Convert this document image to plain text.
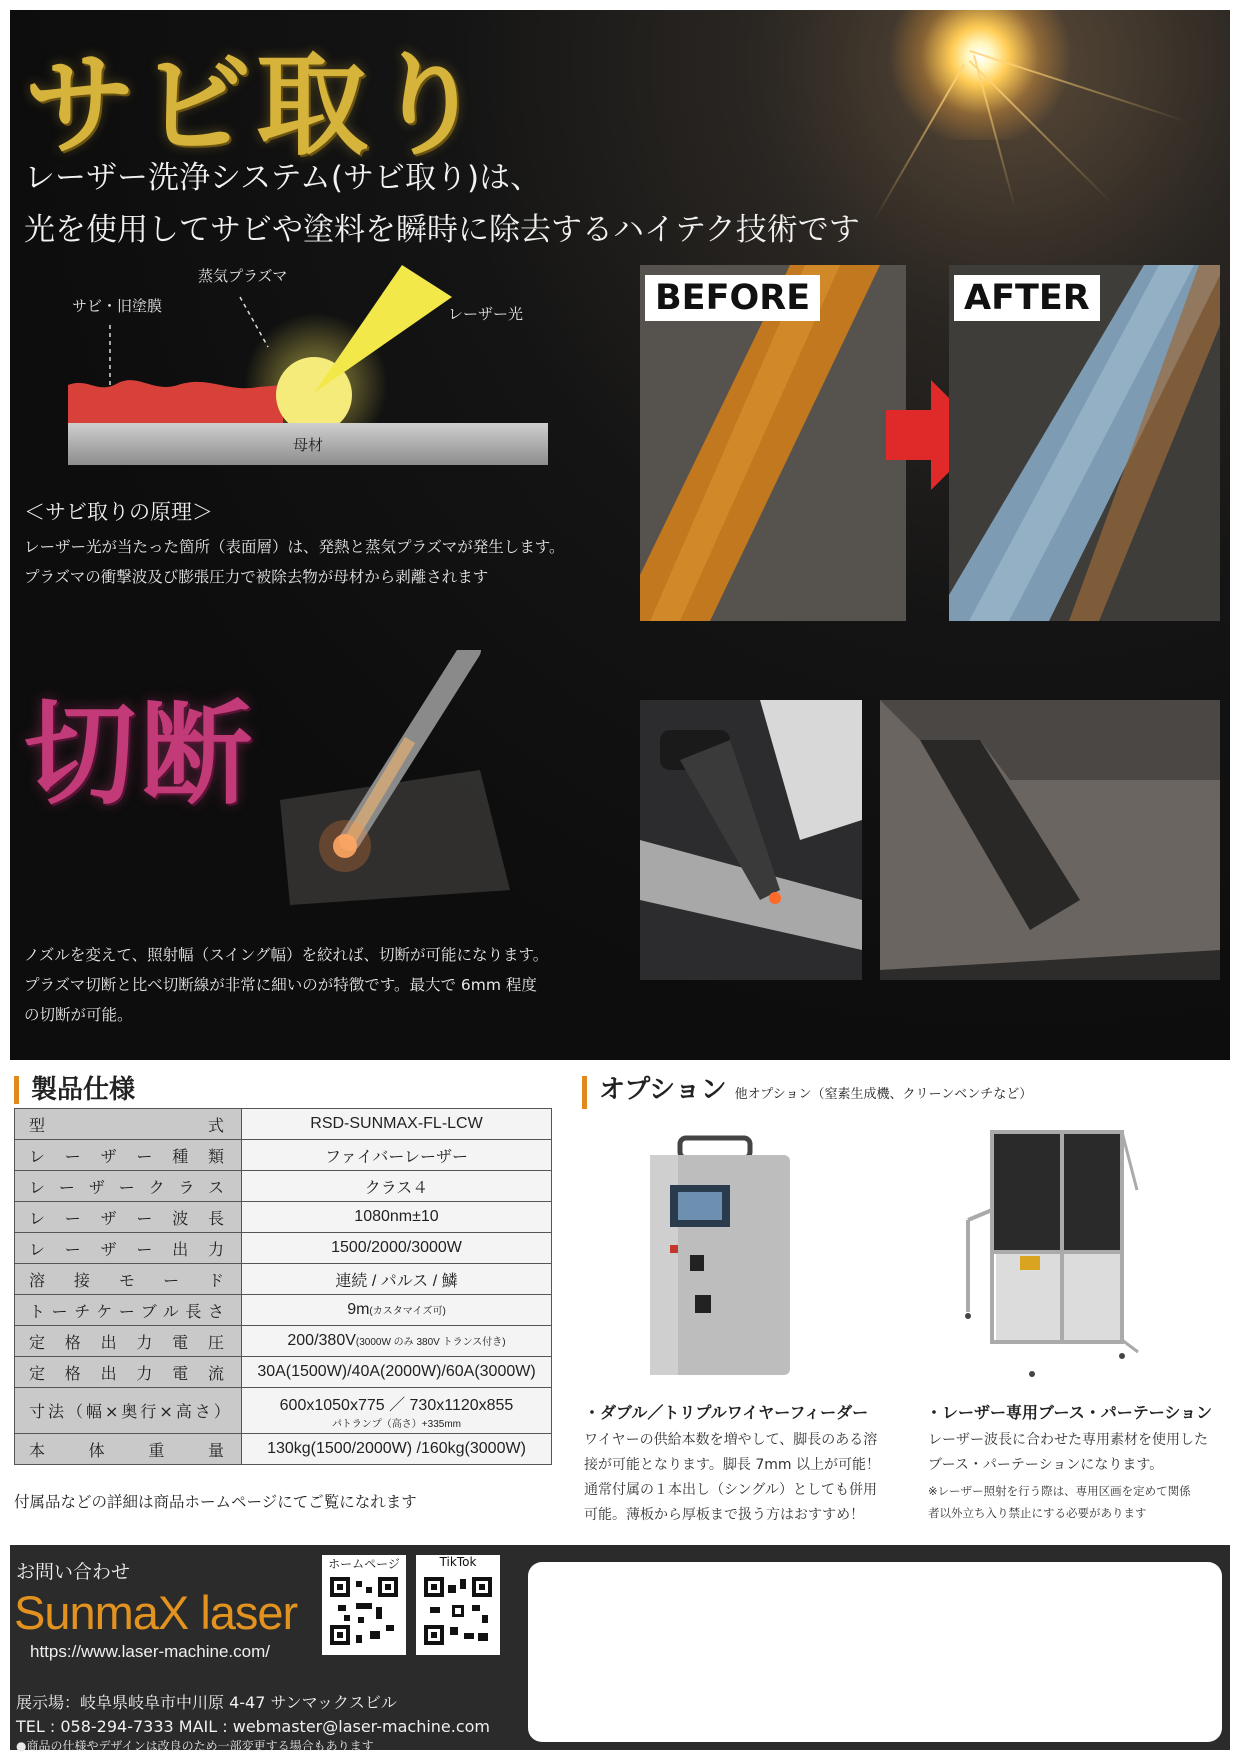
サビ取り
レーザー洗浄システム(サビ取り)は、
光を使用してサビや塗料を瞬時に除去するハイテク技術です
蒸気プラズマ
サビ・旧塗膜	レーザー光
母材
＜サビ取りの原理＞
レーザー光が当たった箇所（表面層）は、発熱と蒸気プラズマが発生します。
プラズマの衝撃波及び膨張圧力で被除去物が母材から剥離されます
BEFORE	AFTER
切断
ノズルを変えて、照射幅（スイング幅）を絞れば、切断が可能になります。
プラズマ切断と比べ切断線が非常に細いのが特徴です。最大で 6mm 程度
の切断が可能。
製品仕様
型式	RSD-SUNMAX-FL-LCW
レーザー種類	ファイバーレーザー
レーザークラス	クラス４
レーザー波長	1080nm±10
レーザー出力	1500/2000/3000W
溶接モード	連続 / パルス / 鱗
トーチケーブル長さ	9m(カスタマイズ可)
定格出力電圧	200/380V(3000W のみ 380V トランス付き)
定格出力電流	30A(1500W)/40A(2000W)/60A(3000W)
寸法（幅×奥行×高さ）	600x1050x775 ／ 730x1120x855
パトランプ（高さ）+335mm

本体重量	130kg(1500/2000W) /160kg(3000W)
付属品などの詳細は商品ホームページにてご覧になれます
オプション 他オプション（窒素生成機、クリーンベンチなど）
・ダブル／トリプルワイヤーフィーダー
ワイヤーの供給本数を増やして、脚長のある溶
接が可能となります。脚長 7mm 以上が可能！
通常付属の１本出し（シングル）としても併用
可能。薄板から厚板まで扱う方はおすすめ！
・レーザー専用ブース・パーテーション
レーザー波長に合わせた専用素材を使用した
ブース・パーテーションになります。
※レーザー照射を行う際は、専用区画を定めて関係
者以外立ち入り禁止にする必要があります
お問い合わせ
SunmaX laser
https://www.laser-machine.com/
ホームページ	TikTok
展示場：岐阜県岐阜市中川原 4-47 サンマックスビル
TEL : 058-294-7333 MAIL : webmaster@laser-machine.com
●商品の仕様やデザインは改良のため一部変更する場合もあります
